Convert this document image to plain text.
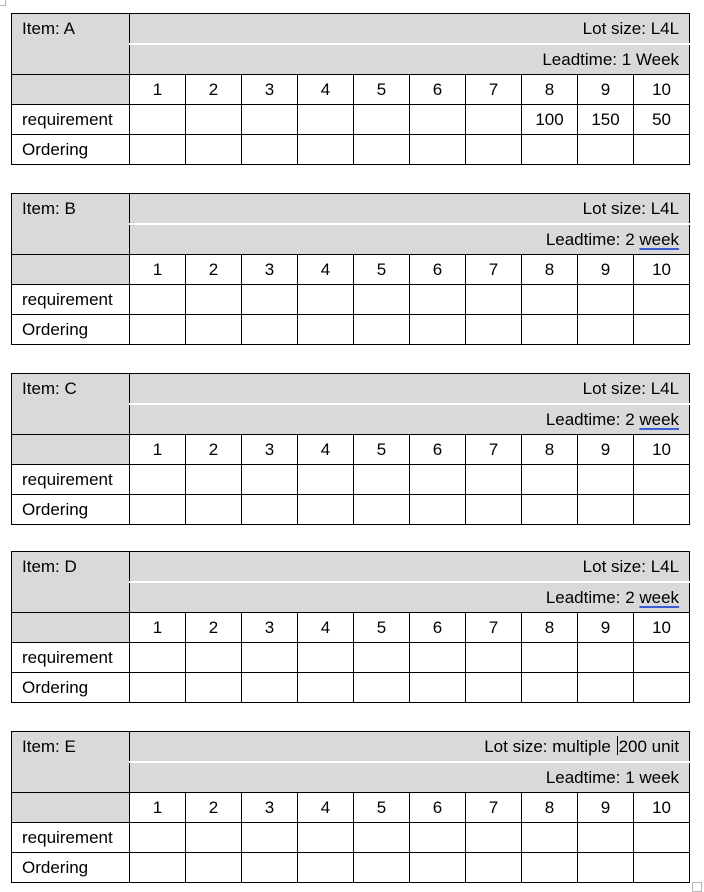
Item: A	Lot size: L4L									
	Leadtime: 1 Week									
	1	2	3	4	5	6	7	8	9	10
requirement								100	150	50
Ordering										
Item: B	Lot size: L4L									
	Leadtime: 2 week									
	1	2	3	4	5	6	7	8	9	10
requirement										
Ordering										
Item: C	Lot size: L4L									
	Leadtime: 2 week									
	1	2	3	4	5	6	7	8	9	10
requirement										
Ordering										
Item: D	Lot size: L4L									
	Leadtime: 2 week									
	1	2	3	4	5	6	7	8	9	10
requirement										
Ordering										
Item: E	Lot size: multiple 200 unit									
	Leadtime: 1 week									
	1	2	3	4	5	6	7	8	9	10
requirement										
Ordering										
